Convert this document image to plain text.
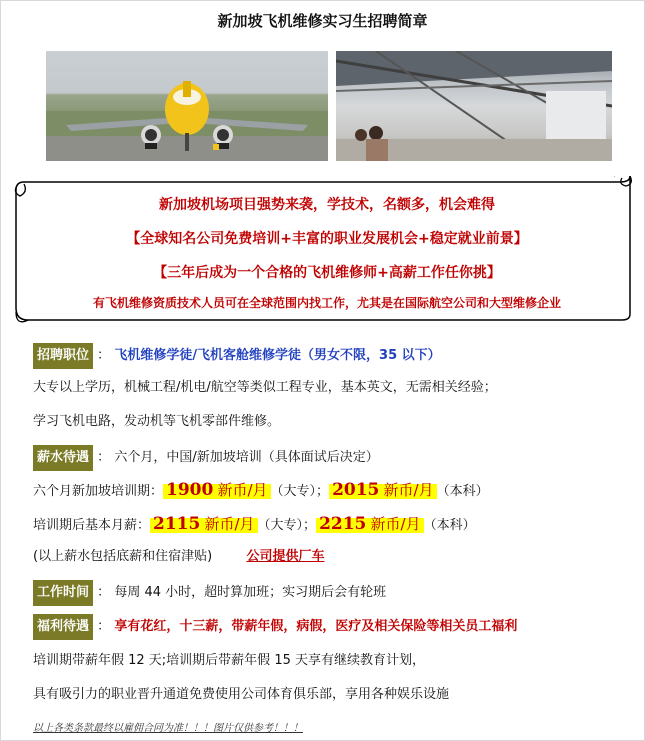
新加坡飞机维修实习生招聘简章
新加坡机场项目强势来袭，学技术，名额多，机会难得
【全球知名公司免费培训+丰富的职业发展机会+稳定就业前景】
【三年后成为一个合格的飞机维修师+高薪工作任你挑】
有飞机维修资质技术人员可在全球范围内找工作，尤其是在国际航空公司和大型维修企业
招聘职位 ： 飞机维修学徒/飞机客舱维修学徒（男女不限，35 以下）
大专以上学历，机械工程/机电/航空等类似工程专业，基本英文，无需相关经验；
学习飞机电路，发动机等飞机零部件维修。
薪水待遇 ： 六个月，中国/新加坡培训（具体面试后决定）
六个月新加坡培训期： 1900 新币/月 （大专）； 2015 新币/月 （本科）
培训期后基本月薪： 2115 新币/月 （大专）； 2215 新币/月 （本科）
(以上薪水包括底薪和住宿津贴)	公司提供厂车
工作时间 ： 每周 44 小时，超时算加班；实习期后会有轮班
福利待遇 ： 享有花红，十三薪，带薪年假，病假，医疗及相关保险等相关员工福利
培训期带薪年假 12 天;培训期后带薪年假 15 天享有继续教育计划，
具有吸引力的职业晋升通道免费使用公司体育俱乐部，享用各种娱乐设施
以上各类条款最终以雇佣合同为准！！！图片仅供参考！！！
